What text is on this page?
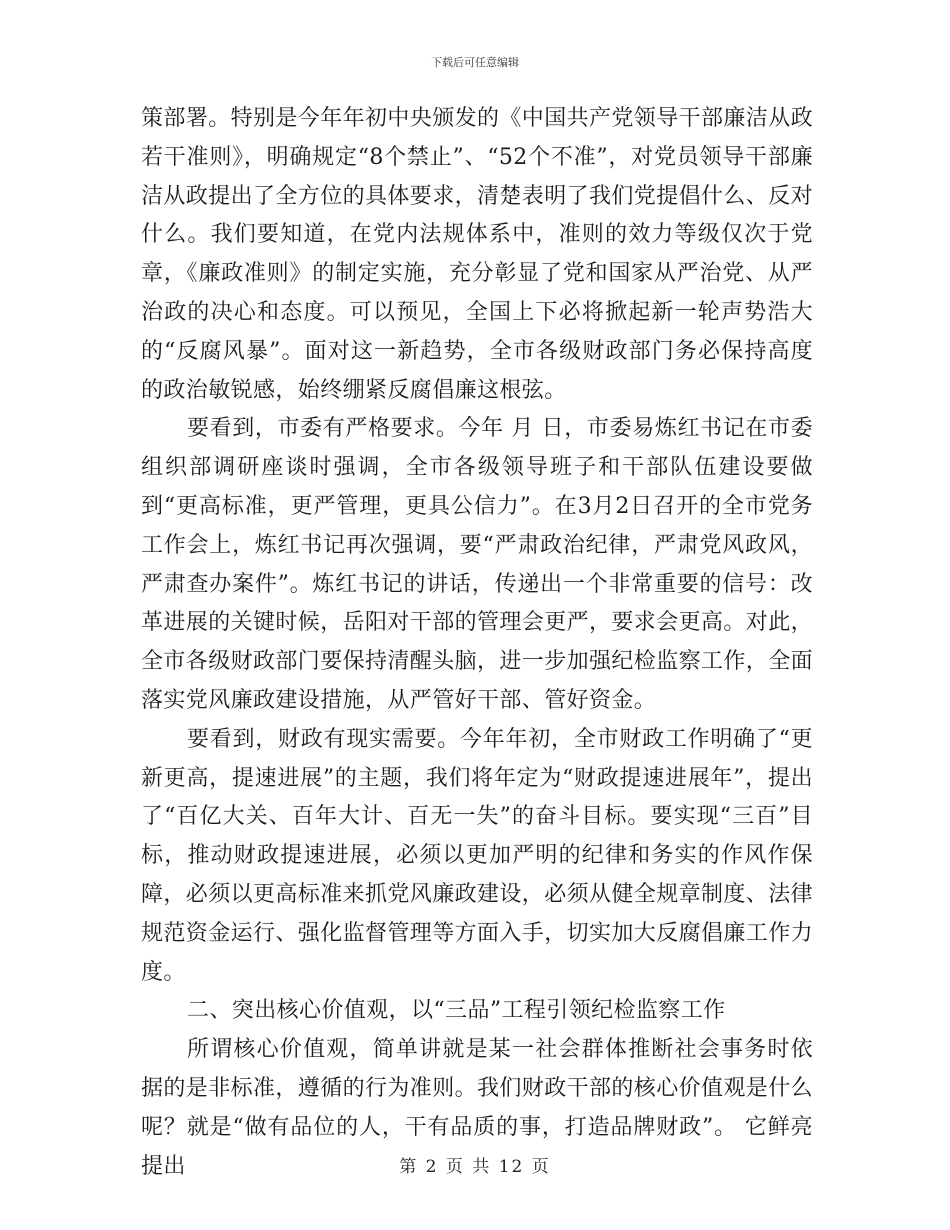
下载后可任意编辑

策部署。特别是今年年初中央颁发的《中国共产党领导干部廉洁从政若干准则》，明确规定“8个禁止”、“52个不准”，对党员领导干部廉洁从政提出了全方位的具体要求，清楚表明了我们党提倡什么、反对什么。我们要知道，在党内法规体系中，准则的效力等级仅次于党章，《廉政准则》的制定实施，充分彰显了党和国家从严治党、从严治政的决心和态度。可以预见，全国上下必将掀起新一轮声势浩大的“反腐风暴”。面对这一新趋势，全市各级财政部门务必保持高度的政治敏锐感，始终绷紧反腐倡廉这根弦。

要看到，市委有严格要求。今年 月 日，市委易炼红书记在市委组织部调研座谈时强调，全市各级领导班子和干部队伍建设要做到“更高标准，更严管理，更具公信力”。在3月2日召开的全市党务工作会上，炼红书记再次强调，要“严肃政治纪律，严肃党风政风，严肃查办案件”。炼红书记的讲话，传递出一个非常重要的信号：改革进展的关键时候，岳阳对干部的管理会更严，要求会更高。对此，全市各级财政部门要保持清醒头脑，进一步加强纪检监察工作，全面落实党风廉政建设措施，从严管好干部、管好资金。

要看到，财政有现实需要。今年年初，全市财政工作明确了“更新更高，提速进展”的主题，我们将年定为“财政提速进展年”，提出了“百亿大关、百年大计、百无一失”的奋斗目标。要实现“三百”目标，推动财政提速进展，必须以更加严明的纪律和务实的作风作保障，必须以更高标准来抓党风廉政建设，必须从健全规章制度、法律规范资金运行、强化监督管理等方面入手，切实加大反腐倡廉工作力度。

二、突出核心价值观，以“三品”工程引领纪检监察工作

所谓核心价值观，简单讲就是某一社会群体推断社会事务时依据的是非标准，遵循的行为准则。我们财政干部的核心价值观是什么呢？就是“做有品位的人，干有品质的事，打造品牌财政”。 它鲜亮提出	第 2 页 共 12 页
